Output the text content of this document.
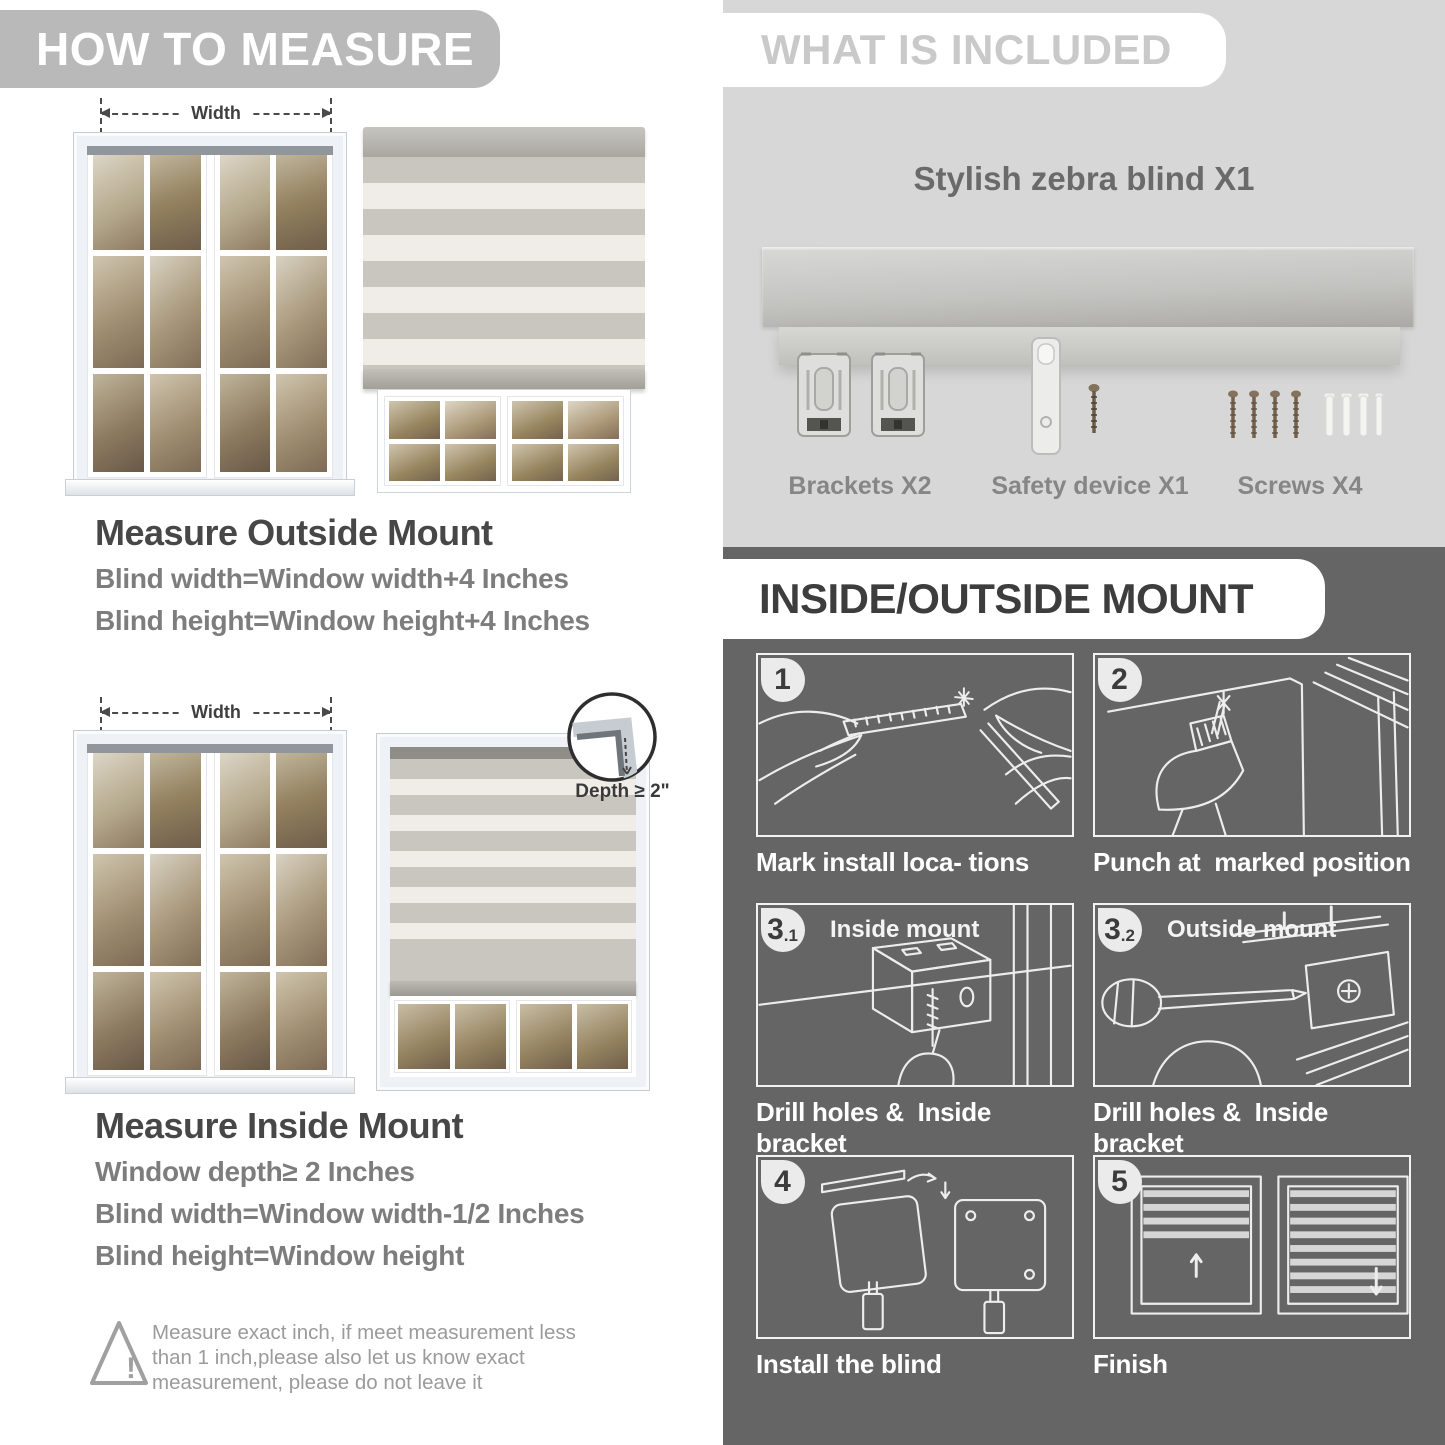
HOW TO MEASURE
Width
Measure Outside Mount
Blind width=Window width+4 Inches
Blind height=Window height+4 Inches
Width
Depth ≥ 2"
Measure Inside Mount
Window depth≥ 2 Inches
Blind width=Window width-1/2 Inches
Blind height=Window height
!
Measure exact inch, if meet measurement less
than 1 inch,please also let us know exact
measurement, please do not leave it
WHAT IS INCLUDED
Stylish zebra blind X1
Brackets X2	Safety device X1	Screws X4
INSIDE/OUTSIDE MOUNT
1
Mark install loca- tions
2
Punch at  marked position
3 .1 Inside mount
Drill holes &  Inside bracket
3 .2 Outside mount
Drill holes &  Inside bracket
4
Install the blind
5
Finish
